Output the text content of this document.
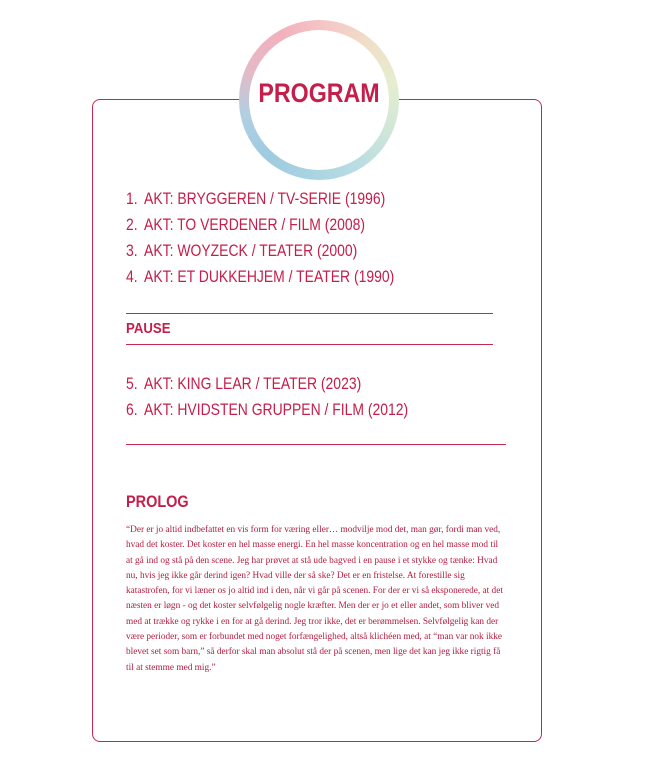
PROGRAM
1. AKT: BRYGGEREN / TV-SERIE (1996)
2. AKT: TO VERDENER / FILM (2008)
3. AKT: WOYZECK / TEATER (2000)
4. AKT: ET DUKKEHJEM / TEATER (1990)
PAUSE
5. AKT: KING LEAR / TEATER (2023)
6. AKT: HVIDSTEN GRUPPEN / FILM (2012)
PROLOG

“Der er jo altid indbefattet en vis form for væring eller… modvilje mod det, man gør, fordi man ved, hvad det koster. Det koster en hel masse energi. En hel masse koncentration og en hel masse mod til at gå ind og stå på den scene. Jeg har prøvet at stå ude bagved i en pause i et stykke og tænke: Hvad nu, hvis jeg ikke går derind igen? Hvad ville der så ske? Det er en fristelse. At forestille sig katastrofen, for vi læner os jo altid ind i den, når vi går på scenen. For der er vi så eksponerede, at det næsten er løgn - og det koster selvfølgelig nogle kræfter. Men der er jo et eller andet, som bliver ved med at trække og rykke i en for at gå derind. Jeg tror ikke, det er berømmelsen. Selvfølgelig kan der være perioder, som er forbundet med noget forfængelighed, altså klichéen med, at “man var nok ikke blevet set som barn,” så derfor skal man absolut stå der på scenen, men lige det kan jeg ikke rigtig få til at stemme med mig.”
